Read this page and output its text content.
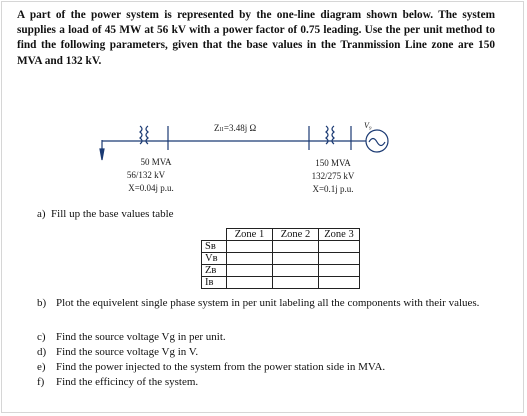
A part of the power system is represented by the one-line diagram shown below. The system supplies a load of 45 MW at 56 kV with a power factor of 0.75 leading. Use the per unit method to find the following parameters, given that the base values in the Tranmission Line zone are 150 MVA and 132 kV.
Zₗₗ=3.48j Ω	V₉
50 MVA
56/132 kV
X=0.04j p.u.
150 MVA
132/275 kV
X=0.1j p.u.
a)  Fill up the base values table
	Zone 1	Zone 2	Zone 3
Sʙ			
Vʙ			
Zʙ			
Iʙ			
b) Plot the equivelent single phase system in per unit labeling all the components with their values.
c) Find the source voltage Vg in per unit.
d) Find the source voltage Vg in V.
e) Find the power injected to the system from the power station side in MVA.
f) Find the efficincy of the system.
